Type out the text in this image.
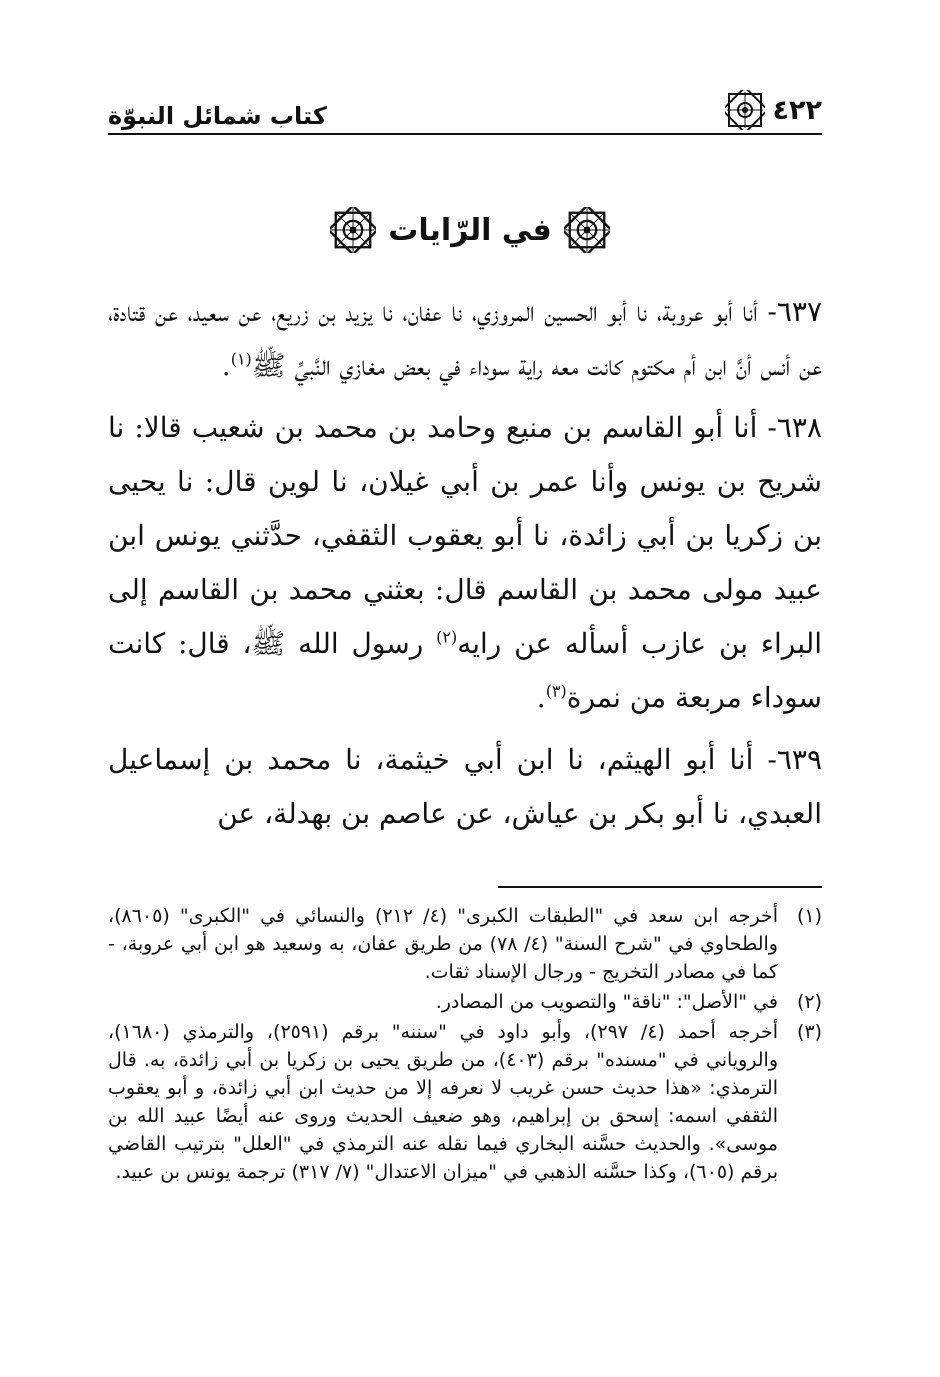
٤٢٢
كتاب شمائل النبوّة
في الرّايات

٦٣٧- أنا أبو عروبة، نا أبو الحسين المروزي، نا عفان، نا يزيد بن زريع، عن سعيد، عن قتادة، عن أنس أنَّ ابن أم مكتوم كانت معه راية سوداء في بعض مغازي النَّبيِّ ﷺ$^{(١)}$.

٦٣٨- أنا أبو القاسم بن منيع وحامد بن محمد بن شعيب قالا: نا شريح بن يونس وأنا عمر بن أبي غيلان، نا لوين قال: نا يحيى بن زكريا بن أبي زائدة، نا أبو يعقوب الثقفي، حدَّثني يونس ابن عبيد مولى محمد بن القاسم قال: بعثني محمد بن القاسم إلى البراء بن عازب أسأله عن رايه$^{(٢)}$ رسول الله ﷺ، قال: كانت سوداء مربعة من نمرة$^{(٣)}$.

٦٣٩- أنا أبو الهيثم، نا ابن أبي خيثمة، نا محمد بن إسماعيل العبدي، نا أبو بكر بن عياش، عن عاصم بن بهدلة، عن

(١)
أخرجه ابن سعد في "الطبقات الكبرى" (٤/ ٢١٢) والنسائي في "الكبرى" (٨٦٠٥)، والطحاوي في "شرح السنة" (٤/ ٧٨) من طريق عفان، به وسعيد هو ابن أبي عروبة، - كما في مصادر التخريج - ورجال الإسناد ثقات.
(٢)
في "الأصل": "ناقة" والتصويب من المصادر.
(٣)
أخرجه أحمد (٤/ ٢٩٧)، وأبو داود في "سننه" برقم (٢٥٩١)، والترمذي (١٦٨٠)، والروياني في "مسنده" برقم (٤٠٣)، من طريق يحيى بن زكريا بن أبي زائدة، به. قال الترمذي: «هذا حديث حسن غريب لا نعرفه إلا من حديث ابن أبي زائدة، و أبو يعقوب الثقفي اسمه: إسحق بن إبراهيم، وهو ضعيف الحديث وروى عنه أيضًا عبيد الله بن موسى». والحديث حسَّنه البخاري فيما نقله عنه الترمذي في "العلل" بترتيب القاضي برقم (٦٠٥)، وكذا حسَّنه الذهبي في "ميزان الاعتدال" (٧/ ٣١٧) ترجمة يونس بن عبيد.
